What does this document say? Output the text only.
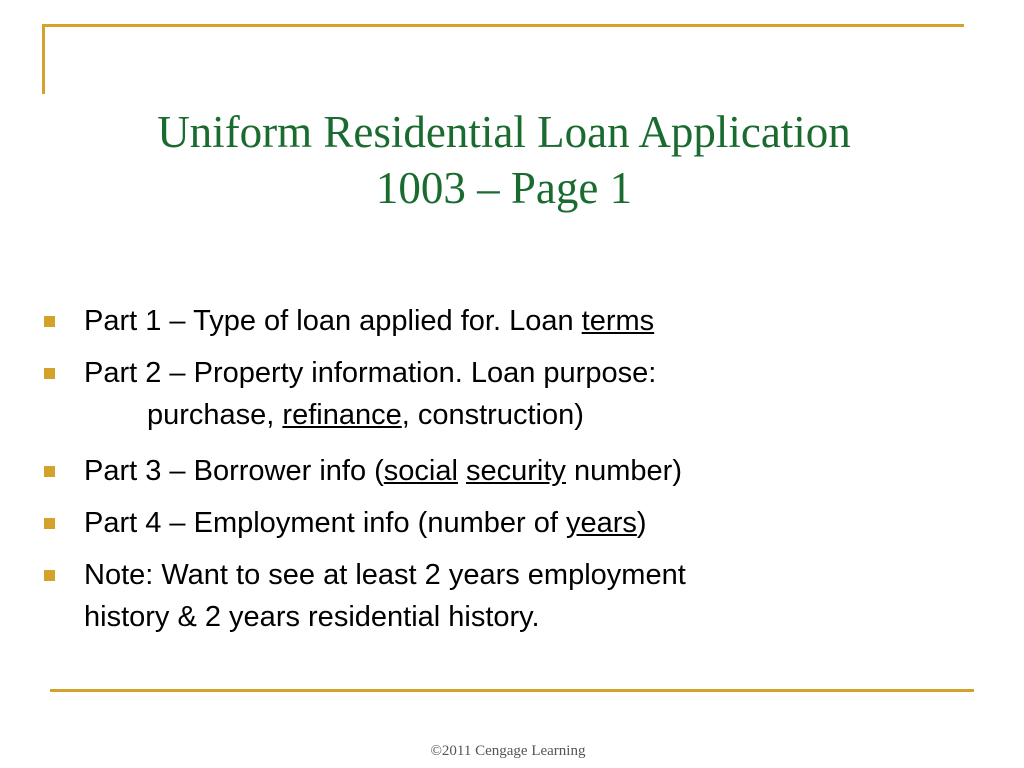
Uniform Residential Loan Application
1003 – Page 1
Part 1 – Type of loan applied for. Loan terms
Part 2 – Property information. Loan purpose:
purchase, refinance, construction)
Part 3 – Borrower info (social security number)
Part 4 – Employment info (number of years)
Note: Want to see at least 2 years employment
history & 2 years residential history.
©2011 Cengage Learning
